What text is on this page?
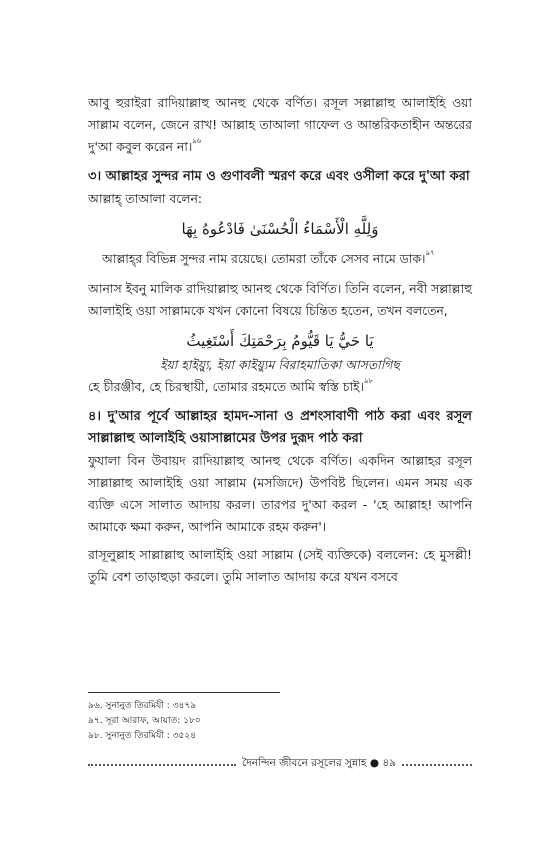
আবু হুরাইরা রাদিয়াল্লাহু আনহু থেকে বর্ণিত। রসূল সল্লাল্লাহু আলাইহি ওয়া সাল্লাম বলেন, জেনে রাখ! আল্লাহ তাআলা গাফেল ও আন্তরিকতাহীন অন্তরের দু'আ কবুল করেন না।$^{৯৬}$

৩। আল্লাহর সুন্দর নাম ও গুণাবলী স্মরণ করে এবং ওসীলা করে দু'আ করা

আল্লাহ্ তাআলা বলেন:

وَلِلَّهِ الْأَسْمَاءُ الْحُسْنَىٰ فَادْعُوهُ بِهَا

আল্লাহ্‌র বিভিন্ন সুন্দর নাম রয়েছে। তোমরা তাঁকে সেসব নামে ডাক।$^{৯৭}$

আনাস ইবনু মালিক রাদিয়াল্লাহু আনহু থেকে বির্ণিত। তিনি বলেন, নবী সল্লাল্লাহু আলাইহি ওয়া সাল্লামকে যখন কোনো বিষয়ে চিন্তিত হতেন, তখন বলতেন,

يَا حَيُّ يَا قَيُّومُ بِرَحْمَتِكَ أَسْتَغِيثُ

ইয়া হাইয়্যু, ইয়া কাইয়্যুম বিরাহমাতিকা আসতাগিছ

হে চীরঞ্জীব, হে চিরস্থায়ী, তোমার রহমতে আমি স্বস্তি চাই।$^{৯৮}$

৪। দু'আর পূর্বে আল্লাহর হামদ-সানা ও প্রশংসাবাণী পাঠ করা এবং রসূল সাল্লাল্লাহু আলাইহি ওয়াসাল্লামের উপর দুরূদ পাঠ করা

ফুযালা বিন উবায়দ রাদিয়াল্লাহু আনহু থেকে বর্ণিত। একদিন আল্লাহর রসূল সাল্লাল্লাহু আলাইহি ওয়া সাল্লাম (মসজিদে) উপবিষ্ট ছিলেন। এমন সময় এক ব্যক্তি এসে সালাত আদায় করল। তারপর দু'আ করল - 'হে আল্লাহ! আপনি আমাকে ক্ষমা করুন, আপনি আমাকে রহম করুন'।

রাসূলুল্লাহ সাল্লাল্লাহু আলাইহি ওয়া সাল্লাম (সেই ব্যক্তিকে) বললেন: হে মুসল্লী! তুমি বেশ তাড়াহুড়া করলে। তুমি সালাত আদায় করে যখন বসবে

৯৬. সুনানুত তিরমিযী : ৩৪৭৯

৯৭. সূরা আরাফ, আয়াত: ১৮০

৯৮. সুনানুত তিরমিযী : ৩৫২৪

দৈনন্দিন জীবনে রসূলের সুন্নাহ ● ৪৯
